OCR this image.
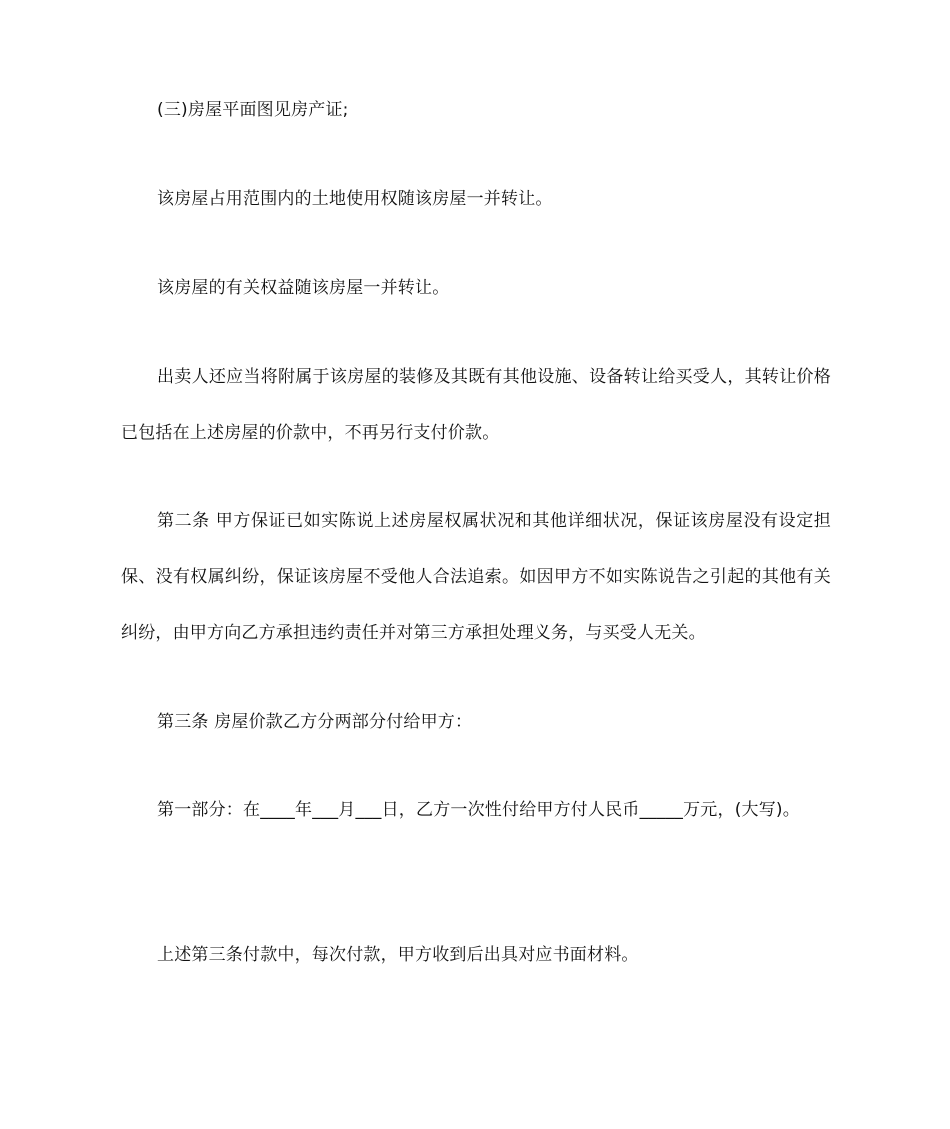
(三)房屋平面图见房产证;

该房屋占用范围内的土地使用权随该房屋一并转让。

该房屋的有关权益随该房屋一并转让。

出卖人还应当将附属于该房屋的装修及其既有其他设施、设备转让给买受人，其转让价格已包括在上述房屋的价款中，不再另行支付价款。

第二条 甲方保证已如实陈说上述房屋权属状况和其他详细状况，保证该房屋没有设定担保、没有权属纠纷，保证该房屋不受他人合法追索。如因甲方不如实陈说告之引起的其他有关纠纷，由甲方向乙方承担违约责任并对第三方承担处理义务，与买受人无关。

第三条 房屋价款乙方分两部分付给甲方：

第一部分：在____年___月___日，乙方一次性付给甲方付人民币_____万元，(大写)。

上述第三条付款中，每次付款，甲方收到后出具对应书面材料。
